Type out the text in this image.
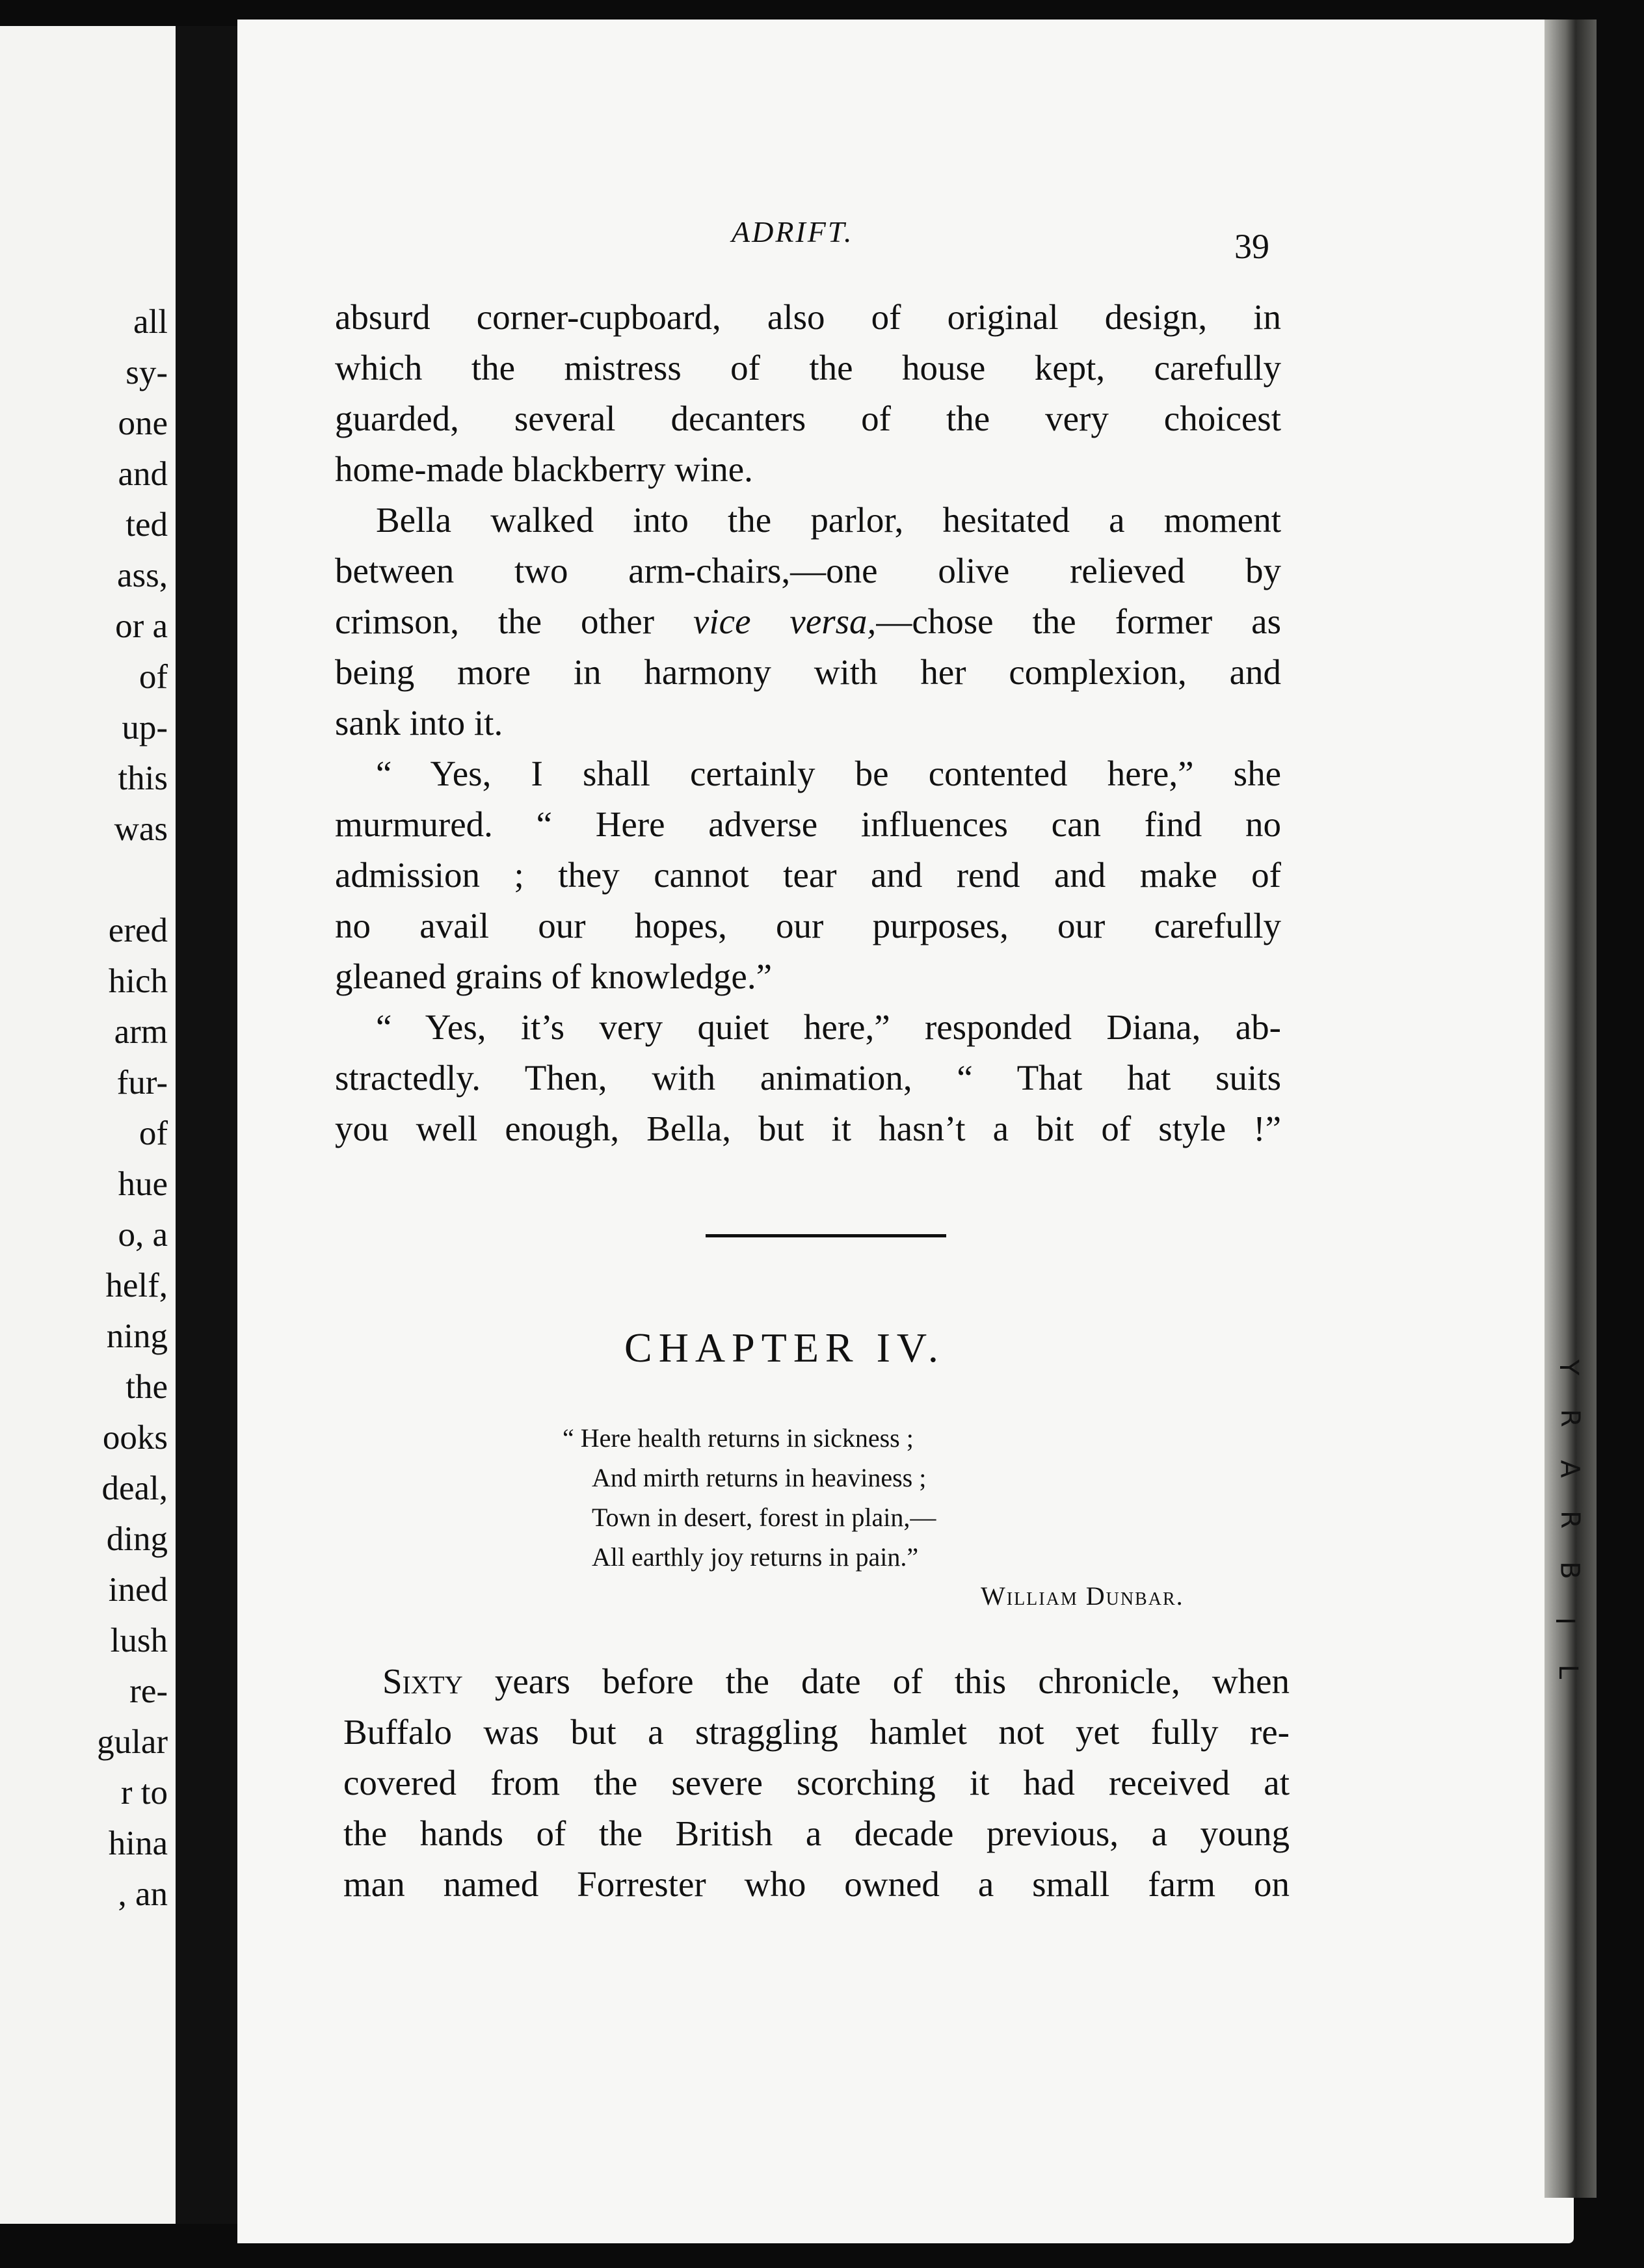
all
sy-
one
and
ted
ass,
or a
of
up-
this
was
ered
hich
arm
fur-
of
hue
o, a
helf,
ning
the
ooks
deal,
ding
ined
lush
re-
gular
r to
hina
, an
Y
R
A
R
B
I
L
ADRIFT.	39
absurd corner-cupboard, also of original design, in
which the mistress of the house kept, carefully
guarded, several decanters of the very choicest
home-made blackberry wine.
Bella walked into the parlor, hesitated a moment
between two arm-chairs,—one olive relieved by
crimson, the other vice versa,—chose the former as
being more in harmony with her complexion, and
sank into it.
“ Yes, I shall certainly be contented here,” she
murmured. “ Here adverse influences can find no
admission ; they cannot tear and rend and make of
no avail our hopes, our purposes, our carefully
gleaned grains of knowledge.”
“ Yes, it’s very quiet here,” responded Diana, ab-
stractedly. Then, with animation, “ That hat suits
you well enough, Bella, but it hasn’t a bit of style !”
CHAPTER IV.
“ Here health returns in sickness ;
And mirth returns in heaviness ;
Town in desert, forest in plain,—
All earthly joy returns in pain.”
William Dunbar.
Sixty years before the date of this chronicle, when
Buffalo was but a straggling hamlet not yet fully re-
covered from the severe scorching it had received at
the hands of the British a decade previous, a young
man named Forrester who owned a small farm on
